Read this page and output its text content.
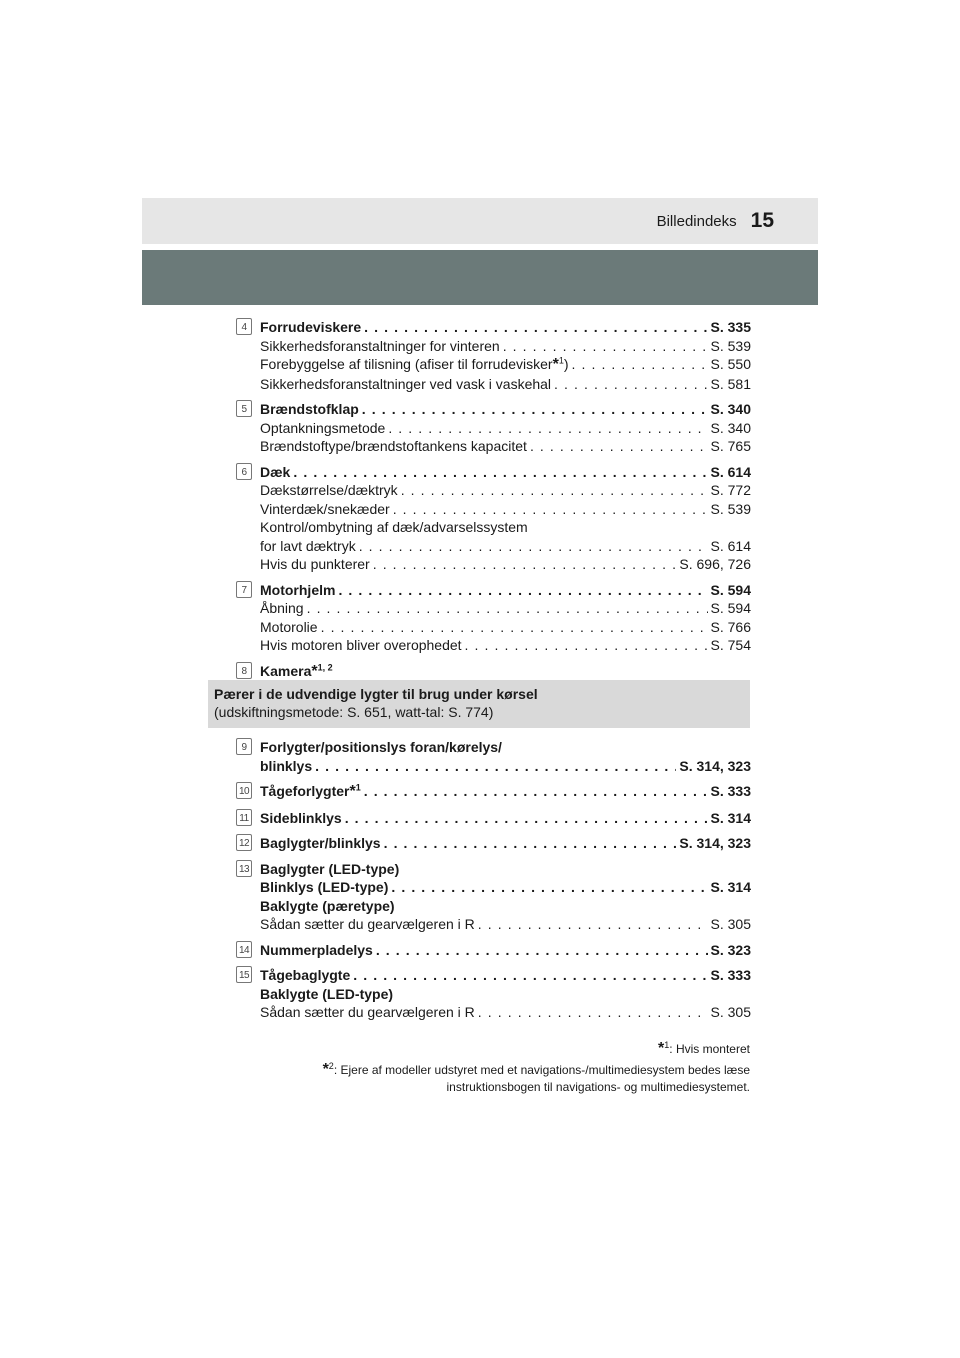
Billedindeks 15
4 Forrudeviskere . . .	S. 335
Sikkerhedsforanstaltninger for vinteren . . .	S. 539
Forebyggelse af tilisning (afiser til forrudevisker*$^1$) . . .	S. 550
Sikkerhedsforanstaltninger ved vask i vaskehal . . .	S. 581
5 Brændstofklap . . .	S. 340
Optankningsmetode . . .	S. 340
Brændstoftype/brændstoftankens kapacitet . . .	S. 765
6 Dæk . . .	S. 614
Dækstørrelse/dæktryk . . .	S. 772
Vinterdæk/snekæder . . .	S. 539
Kontrol/ombytning af dæk/advarselssystem
for lavt dæktryk . . .	S. 614
Hvis du punkterer . . .	S. 696, 726
7 Motorhjelm . . .	S. 594
Åbning . . .	S. 594
Motorolie . . .	S. 766
Hvis motoren bliver overophedet . . .	S. 754
8 Kamera*$^{1, 2}$
Pærer i de udvendige lygter til brug under kørsel
(udskiftningsmetode: S. 651, watt-tal: S. 774)
9 Forlygter/positionslys foran/kørelys/
blinklys . . .	S. 314, 323
10 Tågeforlygter*$^1$ . . .	S. 333
11 Sideblinklys . . .	S. 314
12 Baglygter/blinklys . . .	S. 314, 323
13 Baglygter (LED-type)
Blinklys (LED-type) . . .	S. 314
Baklygte (pæretype)
Sådan sætter du gearvælgeren i R . . .	S. 305
14 Nummerpladelys . . .	S. 323
15 Tågebaglygte . . .	S. 333
Baklygte (LED-type)
Sådan sætter du gearvælgeren i R . . .	S. 305
*$^1$: Hvis monteret
*$^2$: Ejere af modeller udstyret med et navigations-/multimediesystem bedes læse instruktionsbogen til navigations- og multimediesystemet.
